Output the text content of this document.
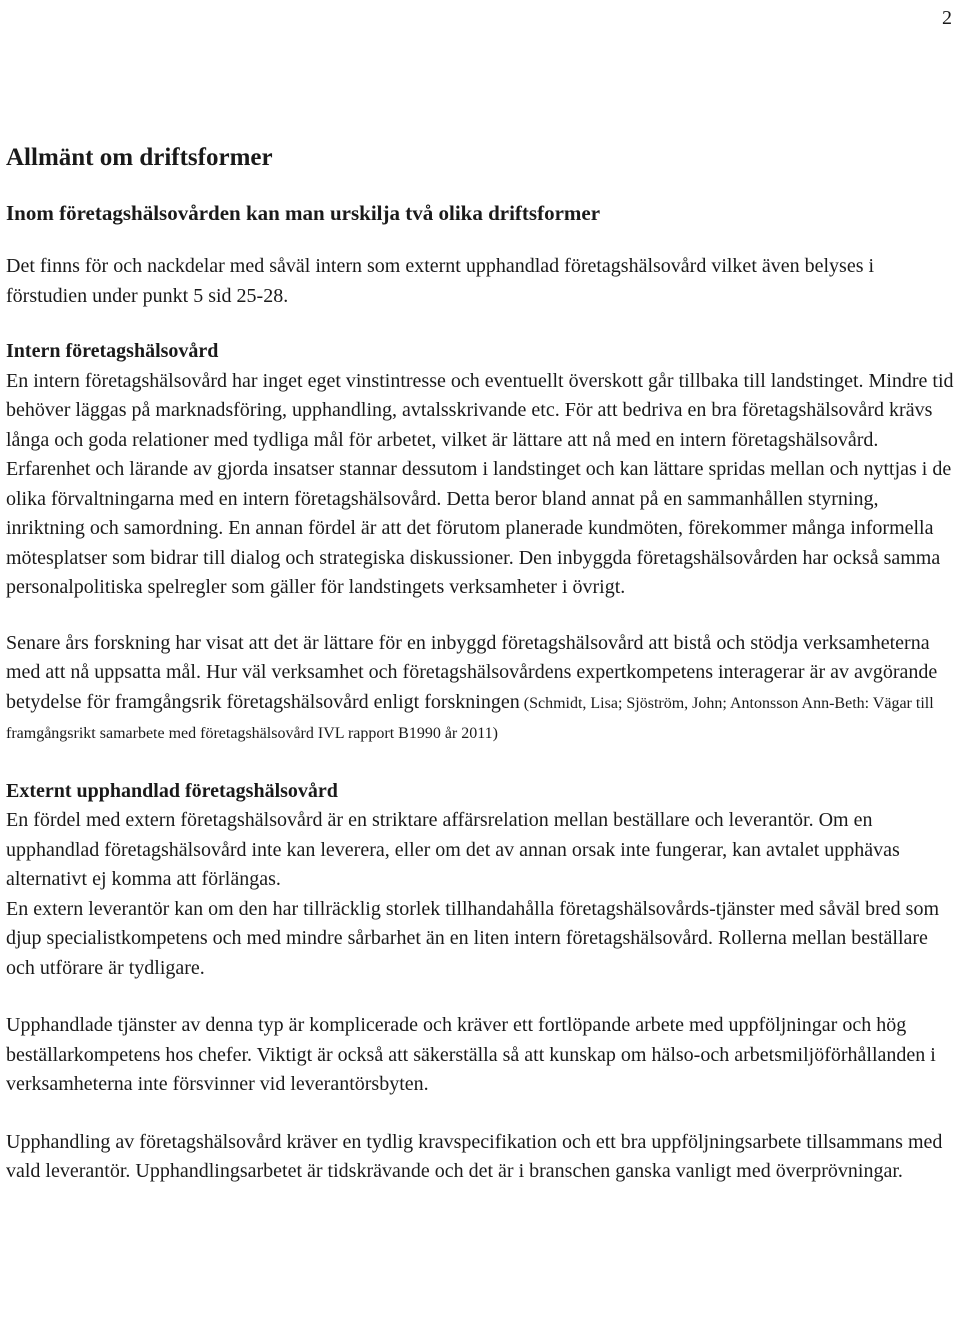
2
Allmänt om driftsformer
Inom företagshälsovården kan man urskilja två olika driftsformer

Det finns för och nackdelar med såväl intern som externt upphandlad företagshälsovård vilket även belyses i förstudien under punkt 5 sid 25-28.

Intern företagshälsovård

En intern företagshälsovård har inget eget vinstintresse och eventuellt överskott går tillbaka till landstinget. Mindre tid behöver läggas på marknadsföring, upphandling, avtalsskrivande etc. För att bedriva en bra företagshälsovård krävs långa och goda relationer med tydliga mål för arbetet, vilket är lättare att nå med en intern företagshälsovård. Erfarenhet och lärande av gjorda insatser stannar dessutom i landstinget och kan lättare spridas mellan och nyttjas i de olika förvaltningarna med en intern företagshälsovård. Detta beror bland annat på en sammanhållen styrning, inriktning och samordning. En annan fördel är att det förutom planerade kundmöten, förekommer många informella mötesplatser som bidrar till dialog och strategiska diskussioner. Den inbyggda företagshälsovården har också samma personalpolitiska spelregler som gäller för landstingets verksamheter i övrigt.

Senare års forskning har visat att det är lättare för en inbyggd företagshälsovård att bistå och stödja verksamheterna med att nå uppsatta mål. Hur väl verksamhet och företagshälsovårdens expertkompetens interagerar är av avgörande betydelse för framgångsrik företagshälsovård enligt forskningen (Schmidt, Lisa; Sjöström, John; Antonsson Ann-Beth: Vägar till framgångsrikt samarbete med företagshälsovård IVL rapport B1990 år 2011)

Externt upphandlad företagshälsovård

En fördel med extern företagshälsovård är en striktare affärsrelation mellan beställare och leverantör. Om en upphandlad företagshälsovård inte kan leverera, eller om det av annan orsak inte fungerar, kan avtalet upphävas alternativt ej komma att förlängas.

En extern leverantör kan om den har tillräcklig storlek tillhandahålla företagshälsovårds-tjänster med såväl bred som djup specialistkompetens och med mindre sårbarhet än en liten intern företagshälsovård. Rollerna mellan beställare och utförare är tydligare.

Upphandlade tjänster av denna typ är komplicerade och kräver ett fortlöpande arbete med uppföljningar och hög beställarkompetens hos chefer. Viktigt är också att säkerställa så att kunskap om hälso-och arbetsmiljöförhållanden i verksamheterna inte försvinner vid leverantörsbyten.

Upphandling av företagshälsovård kräver en tydlig kravspecifikation och ett bra uppföljningsarbete tillsammans med vald leverantör. Upphandlingsarbetet är tidskrävande och det är i branschen ganska vanligt med överprövningar.
